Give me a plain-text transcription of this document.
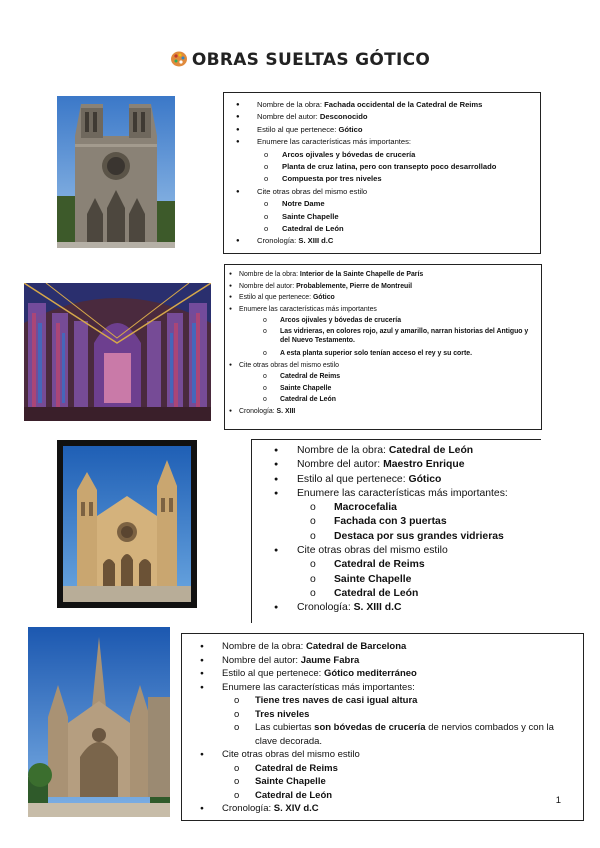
OBRAS SUELTAS GÓTICO
● Nombre de la obra: Fachada occidental de la Catedral de Reims
● Nombre del autor: Desconocido
● Estilo al que pertenece: Gótico
● Enumere las características más importantes:
o Arcos ojivales y bóvedas de crucería
o Planta de cruz latina, pero con transepto poco desarrollado
o Compuesta por tres niveles
● Cite otras obras del mismo estilo
o Notre Dame
o Sainte Chapelle
o Catedral de León
● Cronología: S. XIII d.C
● Nombre de la obra: Interior de la Sainte Chapelle de París
● Nombre del autor: Probablemente, Pierre de Montreuil
● Estilo al que pertenece: Gótico
● Enumere las características más importantes
o Arcos ojivales y bóvedas de crucería
o Las vidrieras, en colores rojo, azul y amarillo, narran historias del Antiguo y del Nuevo Testamento.
o A esta planta superior solo tenían acceso el rey y su corte.
● Cite otras obras del mismo estilo
o Catedral de Reims
o Sainte Chapelle
o Catedral de León
● Cronología: S. XIII
● Nombre de la obra: Catedral de León
● Nombre del autor: Maestro Enrique
● Estilo al que pertenece: Gótico
● Enumere las características más importantes:
o Macrocefalia
o Fachada con 3 puertas
o Destaca por sus grandes vidrieras
● Cite otras obras del mismo estilo
o Catedral de Reims
o Sainte Chapelle
o Catedral de León
● Cronología: S. XIII d.C
● Nombre de la obra: Catedral de Barcelona
● Nombre del autor: Jaume Fabra
● Estilo al que pertenece: Gótico mediterráneo
● Enumere las características más importantes:
o Tiene tres naves de casi igual altura
o Tres niveles
o Las cubiertas son bóvedas de crucería de nervios combados y con la clave decorada.
● Cite otras obras del mismo estilo
o Catedral de Reims
o Sainte Chapelle
o Catedral de León
● Cronología: S. XIV d.C
1
